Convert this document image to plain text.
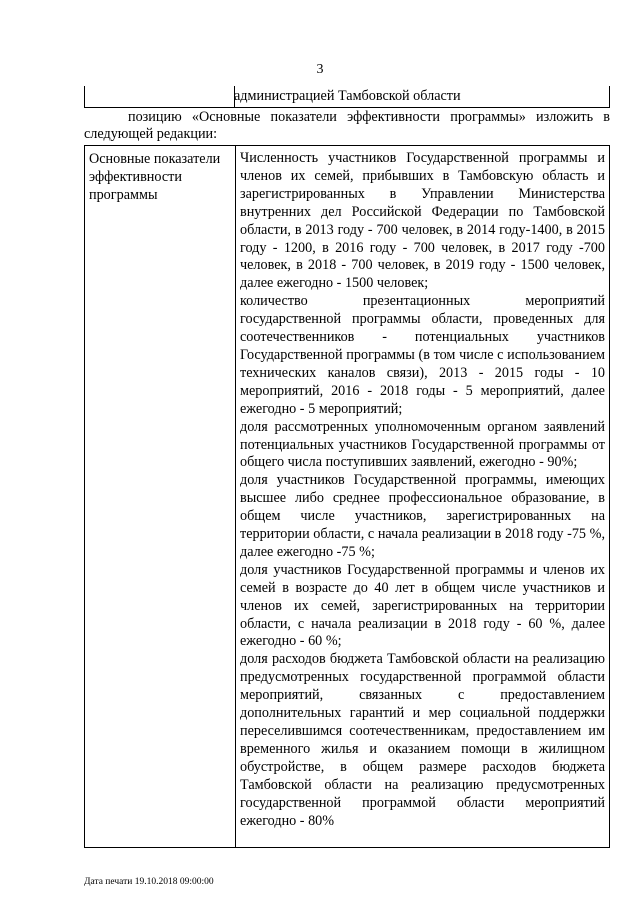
3
администрацией Тамбовской области
позицию «Основные показатели эффективности программы» изложить в следующей редакции:
Основные показатели эффективности программы

Численность участников Государственной программы и членов их семей, прибывших в Тамбовскую область и зарегистрированных в Управлении Министерства внутренних дел Российской Федерации по Тамбовской области, в 2013 году - 700 человек, в 2014 году-1400, в 2015 году - 1200, в 2016 году - 700 человек, в 2017 году -700 человек, в 2018 - 700 человек, в 2019 году - 1500 человек, далее ежегодно - 1500 человек;

количество презентационных мероприятий государственной программы области, проведенных для соотечественников - потенциальных участников Государственной программы (в том числе с использованием технических каналов связи), 2013 - 2015 годы - 10 мероприятий, 2016 - 2018 годы - 5 мероприятий, далее ежегодно - 5 мероприятий;

доля рассмотренных уполномоченным органом заявлений потенциальных участников Государственной программы от общего числа поступивших заявлений, ежегодно - 90%;

доля участников Государственной программы, имеющих высшее либо среднее профессиональное образование, в общем числе участников, зарегистрированных на территории области, с начала реализации в 2018 году -75 %, далее ежегодно -75 %;

доля участников Государственной программы и членов их семей в возрасте до 40 лет в общем числе участников и членов их семей, зарегистрированных на территории области, с начала реализации в 2018 году - 60 %, далее ежегодно - 60 %;

доля расходов бюджета Тамбовской области на реализацию предусмотренных государственной программой области мероприятий, связанных с предоставлением дополнительных гарантий и мер социальной поддержки переселившимся соотечественникам, предоставлением им временного жилья и оказанием помощи в жилищном обустройстве, в общем размере расходов бюджета Тамбовской области на реализацию предусмотренных государственной программой области мероприятий ежегодно - 80%

Дата печати 19.10.2018 09:00:00
